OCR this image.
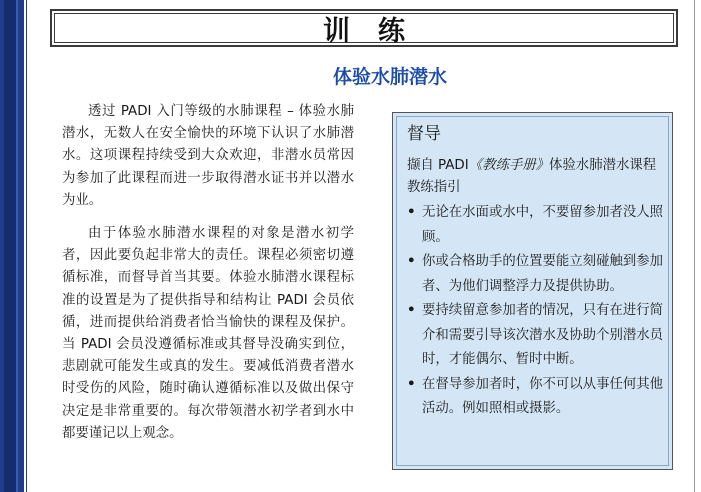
训练
体验水肺潜水

透过 PADI 入门等级的水肺课程 – 体验水肺潜水，无数人在安全愉快的环境下认识了水肺潜水。这项课程持续受到大众欢迎，非潜水员常因为参加了此课程而进一步取得潜水证书并以潜水为业。

由于体验水肺潜水课程的对象是潜水初学者，因此要负起非常大的责任。课程必须密切遵循标准，而督导首当其要。体验水肺潜水课程标准的设置是为了提供指导和结构让 PADI 会员依循，进而提供给消费者恰当愉快的课程及保护。当 PADI 会员没遵循标准或其督导没确实到位，悲剧就可能发生或真的发生。要减低消费者潜水时受伤的风险，随时确认遵循标准以及做出保守决定是非常重要的。每次带领潜水初学者到水中都要谨记以上观念。

督导
撷自 PADI《教练手册》体验水肺潜水课程教练指引
• 无论在水面或水中，不要留参加者没人照顾。
• 你或合格助手的位置要能立刻碰触到参加者、为他们调整浮力及提供协助。
• 要持续留意参加者的情况，只有在进行简介和需要引导该次潜水及协助个别潜水员时，才能偶尔、暂时中断。
• 在督导参加者时，你不可以从事任何其他活动。例如照相或摄影。
